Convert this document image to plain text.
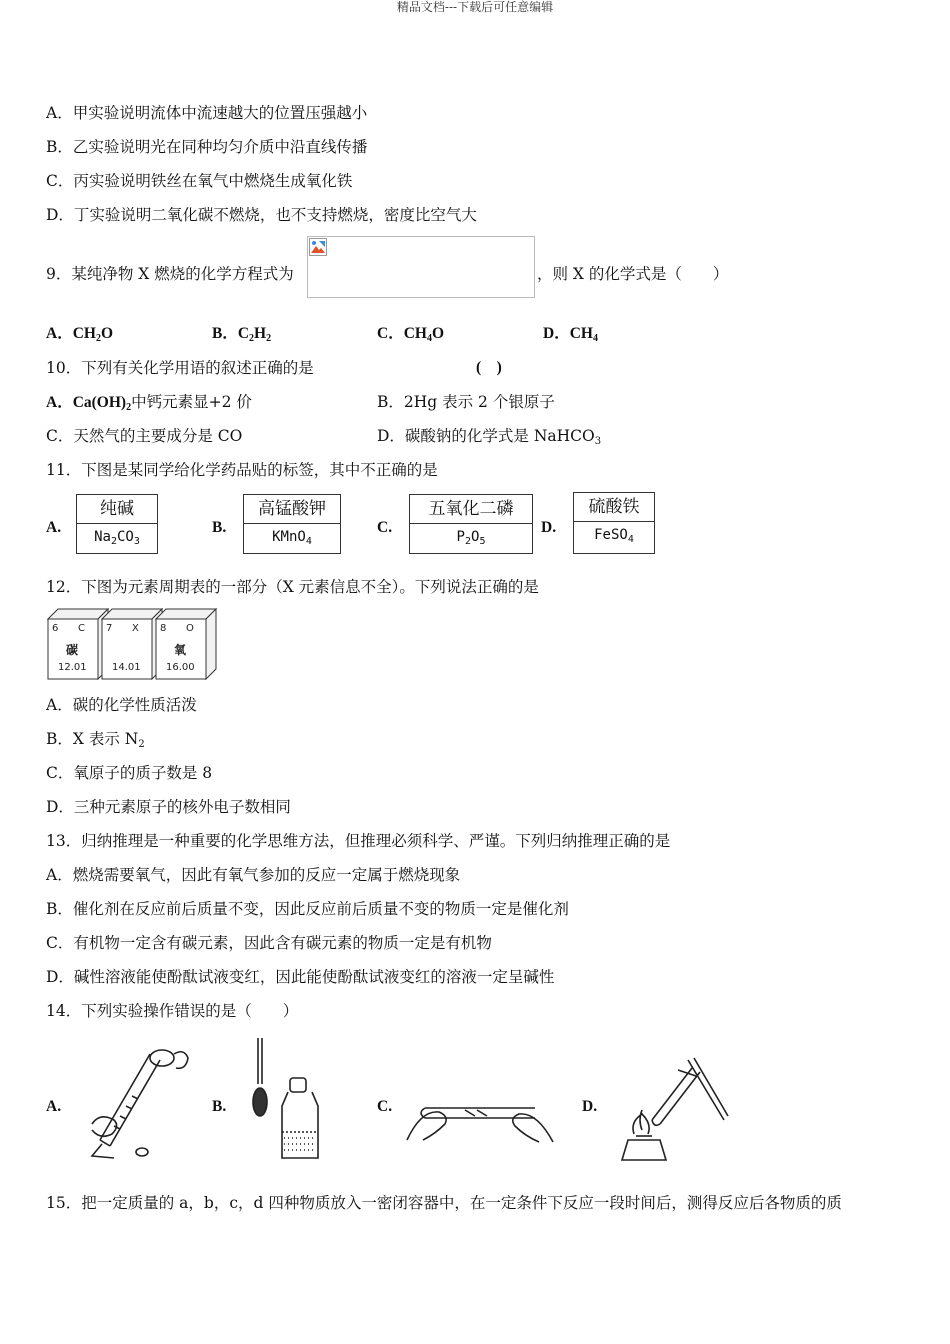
精品文档---下载后可任意编辑
A．甲实验说明流体中流速越大的位置压强越小
B．乙实验说明光在同种均匀介质中沿直线传播
C．丙实验说明铁丝在氧气中燃烧生成氧化铁
D．丁实验说明二氧化碳不燃烧，也不支持燃烧，密度比空气大
9．某纯净物 X 燃烧的化学方程式为	，则 X 的化学式是（　　）
A．$CH_2O$	B．$C_2H_2$	C．$CH_4O$	D．$CH_4$
10．下列有关化学用语的叙述正确的是	(　)
A．$Ca(OH)_2$中钙元素显+2 价	B．2Hg 表示 2 个银原子
C．天然气的主要成分是 CO	D．碳酸钠的化学式是 NaHCO$_3$
11．下图是某同学给化学药品贴的标签，其中不正确的是
A.
纯碱
$Na_2CO_3$
B.
高锰酸钾
KMnO$_4$
C.
五氧化二磷
$P_2O_5$
D.
硫酸铁
FeSO$_4$
12．下图为元素周期表的一部分（X 元素信息不全）。下列说法正确的是
6 C
碳
12.01
7 X
14.01
8 O
氧
16.00
A．碳的化学性质活泼
B．X 表示 $N_2$
C．氧原子的质子数是 8
D．三种元素原子的核外电子数相同
13．归纳推理是一种重要的化学思维方法，但推理必须科学、严谨。下列归纳推理正确的是
A．燃烧需要氧气，因此有氧气参加的反应一定属于燃烧现象
B．催化剂在反应前后质量不变，因此反应前后质量不变的物质一定是催化剂
C．有机物一定含有碳元素，因此含有碳元素的物质一定是有机物
D．碱性溶液能使酚酞试液变红，因此能使酚酞试液变红的溶液一定呈碱性
14．下列实验操作错误的是（　　）
A.	B.	C.	D.
15．把一定质量的 a，b，c，d 四种物质放入一密闭容器中，在一定条件下反应一段时间后，测得反应后各物质的质
